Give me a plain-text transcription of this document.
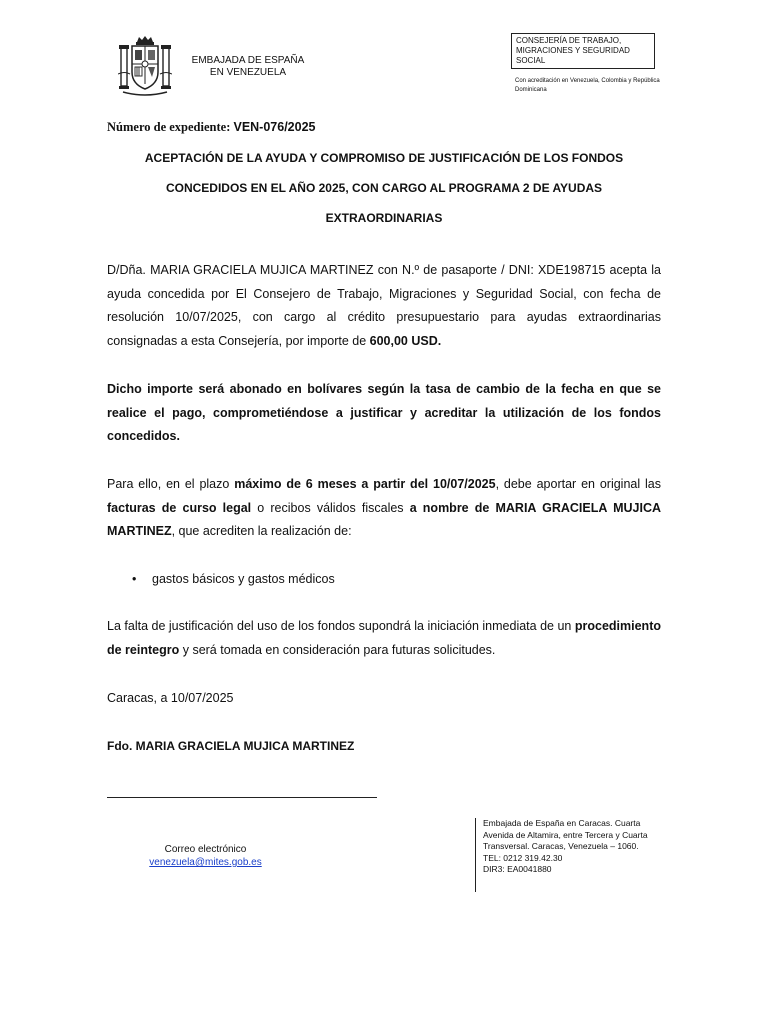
EMBAJADA DE ESPAÑA
EN VENEZUELA
CONSEJERÍA DE TRABAJO, MIGRACIONES Y SEGURIDAD SOCIAL
Con acreditación en Venezuela, Colombia y República Dominicana
Número de expediente: VEN-076/2025
ACEPTACIÓN DE LA AYUDA Y COMPROMISO DE JUSTIFICACIÓN DE LOS FONDOS
CONCEDIDOS EN EL AÑO 2025, CON CARGO AL PROGRAMA 2 DE AYUDAS
EXTRAORDINARIAS
D/Dña. MARIA GRACIELA MUJICA MARTINEZ con N.º de pasaporte / DNI: XDE198715 acepta la ayuda concedida por El Consejero de Trabajo, Migraciones y Seguridad Social, con fecha de resolución 10/07/2025, con cargo al crédito presupuestario para ayudas extraordinarias consignadas a esta Consejería, por importe de 600,00 USD.
Dicho importe será abonado en bolívares según la tasa de cambio de la fecha en que se realice el pago, comprometiéndose a justificar y acreditar la utilización de los fondos concedidos.
Para ello, en el plazo máximo de 6 meses a partir del 10/07/2025, debe aportar en original las facturas de curso legal o recibos válidos fiscales a nombre de MARIA GRACIELA MUJICA MARTINEZ, que acrediten la realización de:
• gastos básicos y gastos médicos
La falta de justificación del uso de los fondos supondrá la iniciación inmediata de un procedimiento de reintegro y será tomada en consideración para futuras solicitudes.
Caracas, a 10/07/2025
Fdo. MARIA GRACIELA MUJICA MARTINEZ
Correo electrónico
venezuela@mites.gob.es
Embajada de España en Caracas. Cuarta Avenida de Altamira, entre Tercera y Cuarta Transversal. Caracas, Venezuela – 1060.
TEL: 0212 319.42.30
DIR3: EA0041880
